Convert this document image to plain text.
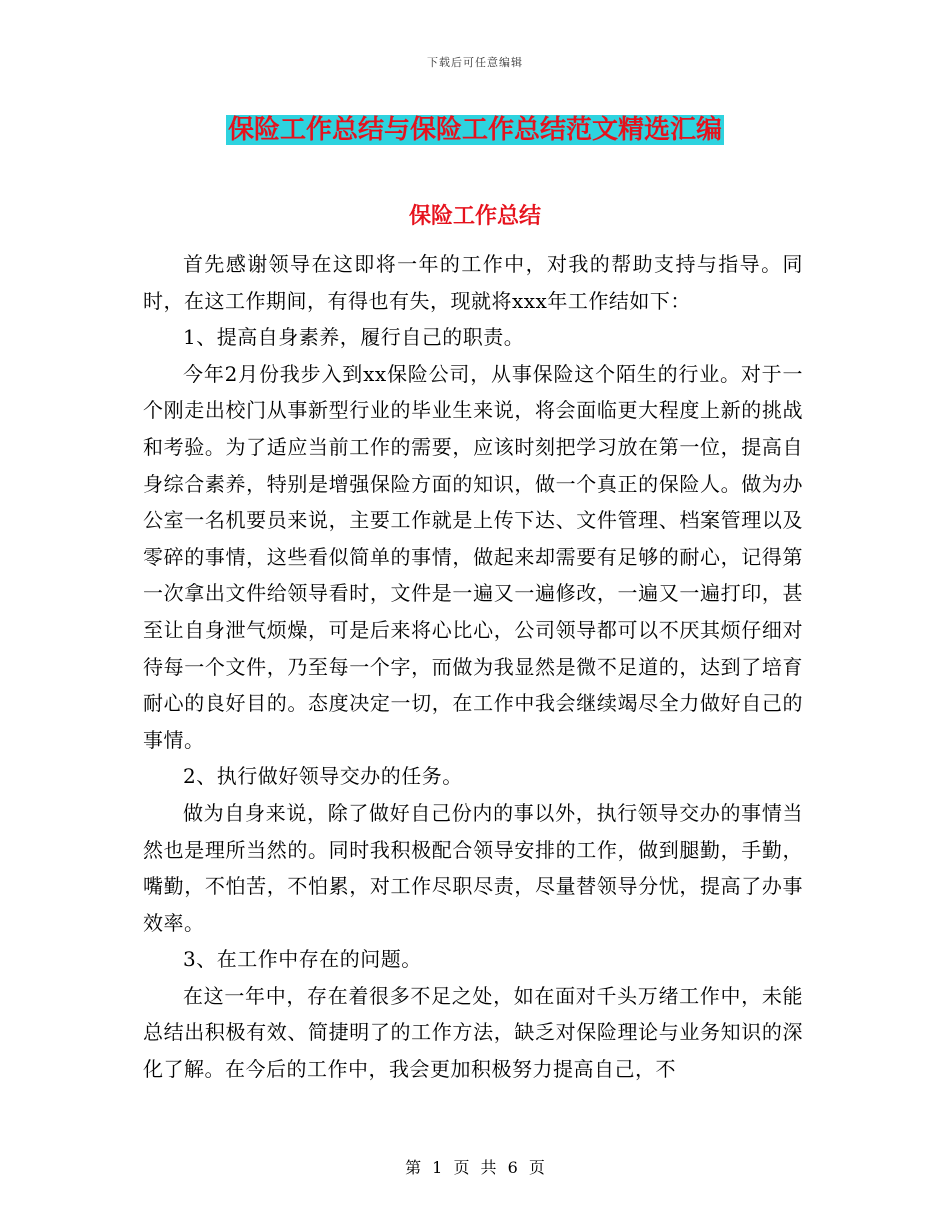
下载后可任意编辑
保险工作总结与保险工作总结范文精选汇编
保险工作总结

首先感谢领导在这即将一年的工作中，对我的帮助支持与指导。同时，在这工作期间，有得也有失，现就将xxx年工作结如下：

1、提高自身素养，履行自己的职责。

今年2月份我步入到xx保险公司，从事保险这个陌生的行业。对于一个刚走出校门从事新型行业的毕业生来说，将会面临更大程度上新的挑战和考验。为了适应当前工作的需要，应该时刻把学习放在第一位，提高自身综合素养，特别是增强保险方面的知识，做一个真正的保险人。做为办公室一名机要员来说，主要工作就是上传下达、文件管理、档案管理以及零碎的事情，这些看似简单的事情，做起来却需要有足够的耐心，记得第一次拿出文件给领导看时，文件是一遍又一遍修改，一遍又一遍打印，甚至让自身泄气烦燥，可是后来将心比心，公司领导都可以不厌其烦仔细对待每一个文件，乃至每一个字，而做为我显然是微不足道的，达到了培育耐心的良好目的。态度决定一切，在工作中我会继续竭尽全力做好自己的事情。

2、执行做好领导交办的任务。

做为自身来说，除了做好自己份内的事以外，执行领导交办的事情当然也是理所当然的。同时我积极配合领导安排的工作，做到腿勤，手勤，嘴勤，不怕苦，不怕累，对工作尽职尽责，尽量替领导分忧，提高了办事效率。

3、在工作中存在的问题。

在这一年中，存在着很多不足之处，如在面对千头万绪工作中，未能总结出积极有效、简捷明了的工作方法，缺乏对保险理论与业务知识的深化了解。在今后的工作中，我会更加积极努力提高自己，不

第 1 页 共 6 页
